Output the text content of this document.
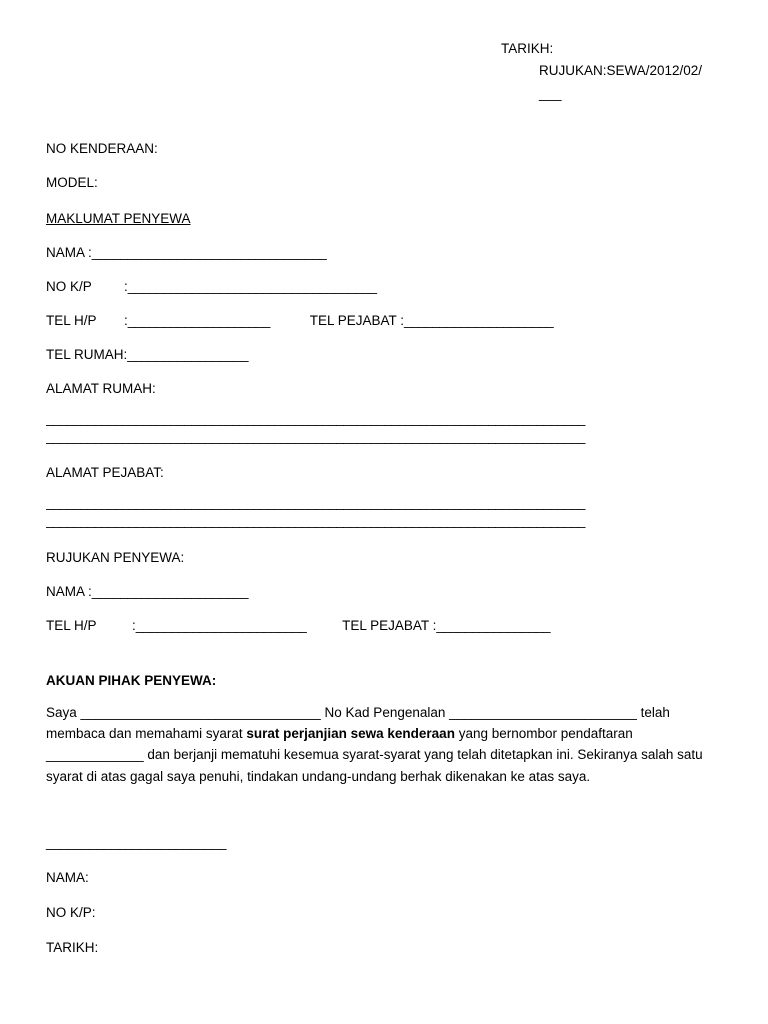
TARIKH:
RUJUKAN:SEWA/2012/02/
___
NO KENDERAAN:
MODEL:
MAKLUMAT PENYEWA
NAMA :_________________________________
NO K/P :___________________________________
TEL H/P :____________________	TEL PEJABAT :_____________________
TEL RUMAH:_________________
ALAMAT RUMAH:
______________________________________________________________________________
______________________________________________________________________________
ALAMAT PEJABAT:
______________________________________________________________________________
______________________________________________________________________________
RUJUKAN PENYEWA:
NAMA :______________________
TEL H/P	:________________________	TEL PEJABAT :________________
AKUAN PIHAK PENYEWA:
Saya ________________________________ No Kad Pengenalan _________________________ telah membaca dan memahami syarat surat perjanjian sewa kenderaan yang bernombor pendaftaran _____________ dan berjanji mematuhi kesemua syarat-syarat yang telah ditetapkan ini. Sekiranya salah satu syarat di atas gagal saya penuhi, tindakan undang-undang berhak dikenakan ke atas saya.
_________________________
NAMA:
NO K/P:
TARIKH:
